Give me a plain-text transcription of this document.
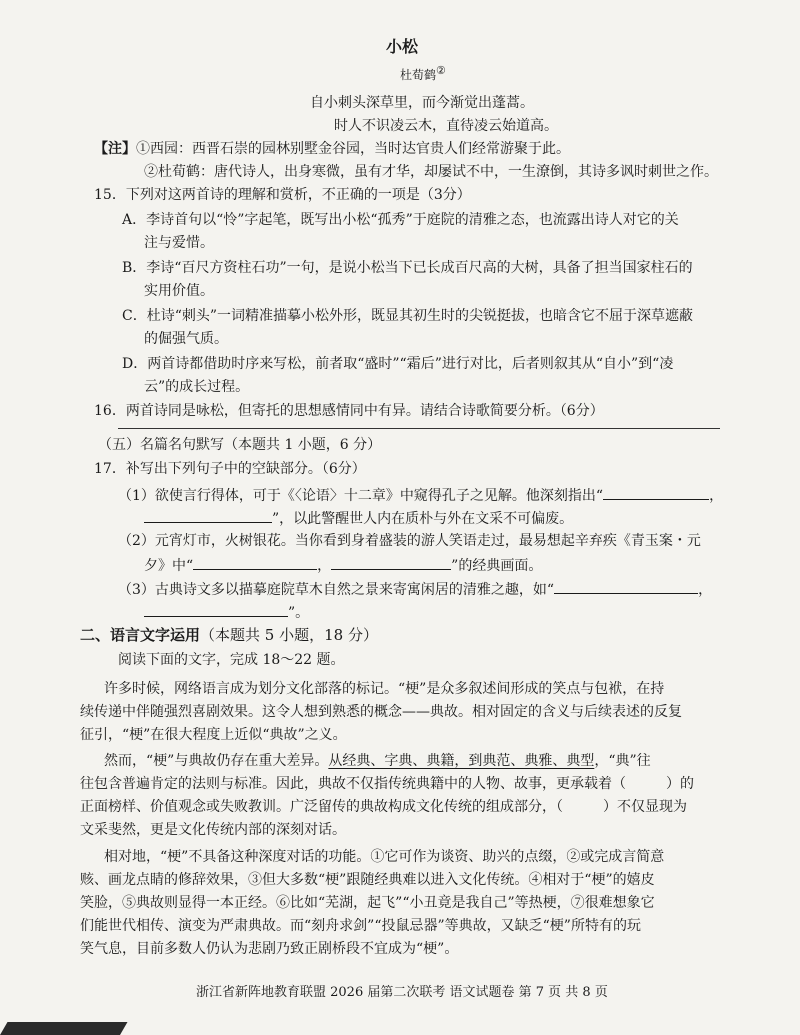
小松
杜荀鹤②
自小刺头深草里，而今渐觉出蓬蒿。
时人不识凌云木，直待凌云始道高。
【注】①西园：西晋石崇的园林别墅金谷园，当时达官贵人们经常游聚于此。
②杜荀鹤：唐代诗人，出身寒微，虽有才华，却屡试不中，一生潦倒，其诗多讽时刺世之作。
15．下列对这两首诗的理解和赏析，不正确的一项是（3分）
A．李诗首句以“怜”字起笔，既写出小松“孤秀”于庭院的清雅之态，也流露出诗人对它的关
注与爱惜。
B．李诗“百尺方资柱石功”一句，是说小松当下已长成百尺高的大树，具备了担当国家柱石的
实用价值。
C．杜诗“刺头”一词精准描摹小松外形，既显其初生时的尖锐挺拔，也暗含它不屈于深草遮蔽
的倔强气质。
D．两首诗都借助时序来写松，前者取“盛时”“霜后”进行对比，后者则叙其从“自小”到“凌
云”的成长过程。
16．两首诗同是咏松，但寄托的思想感情同中有异。请结合诗歌简要分析。（6分）
（五）名篇名句默写（本题共 1 小题，6 分）
17．补写出下列句子中的空缺部分。（6分）
（1）欲使言行得体，可于《〈论语〉十二章》中窥得孔子之见解。他深刻指出“	，
”，以此警醒世人内在质朴与外在文采不可偏废。
（2）元宵灯市，火树银花。当你看到身着盛装的游人笑语走过，最易想起辛弃疾《青玉案・元
夕》中“	，	”的经典画面。
（3）古典诗文多以描摹庭院草木自然之景来寄寓闲居的清雅之趣，如“	，
”。
二、语言文字运用（本题共 5 小题，18 分）
阅读下面的文字，完成 18～22 题。
许多时候，网络语言成为划分文化部落的标记。“梗”是众多叙述间形成的笑点与包袱，在持
续传递中伴随强烈喜剧效果。这令人想到熟悉的概念——典故。相对固定的含义与后续表述的反复
征引，“梗”在很大程度上近似“典故”之义。
然而，“梗”与典故仍存在重大差异。从经典、字典、典籍，到典范、典雅、典型，“典”往
往包含普遍肯定的法则与标准。因此，典故不仅指传统典籍中的人物、故事，更承载着（	）的
正面榜样、价值观念或失败教训。广泛留传的典故构成文化传统的组成部分，（	）不仅显现为
文采斐然，更是文化传统内部的深刻对话。
相对地，“梗”不具备这种深度对话的功能。①它可作为谈资、助兴的点缀，②或完成言简意
赅、画龙点睛的修辞效果，③但大多数“梗”跟随经典难以进入文化传统。④相对于“梗”的嬉皮
笑脸，⑤典故则显得一本正经。⑥比如“芜湖，起飞”“小丑竟是我自己”等热梗，⑦很难想象它
们能世代相传、演变为严肃典故。而“刻舟求剑”“投鼠忌器”等典故，又缺乏“梗”所特有的玩
笑气息，目前多数人仍认为悲剧乃致正剧桥段不宜成为“梗”。
浙江省新阵地教育联盟 2026 届第二次联考 语文试题卷 第 7 页 共 8 页
